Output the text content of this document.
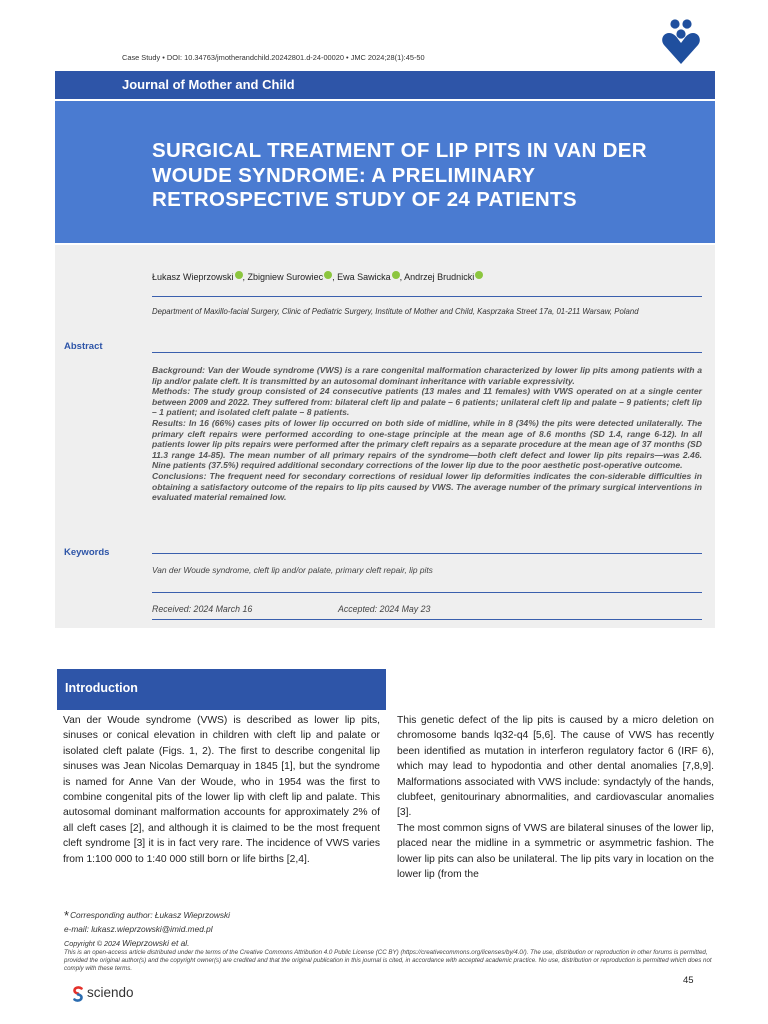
Case Study • DOI: 10.34763/jmotherandchild.20242801.d-24-00020 • JMC 2024;28(1):45-50
Journal of Mother and Child
SURGICAL TREATMENT OF LIP PITS IN VAN DER WOUDE SYNDROME: A PRELIMINARY RETROSPECTIVE STUDY OF 24 PATIENTS
Łukasz Wieprzowski , Zbigniew Surowiec , Ewa Sawicka , Andrzej Brudnicki
Department of Maxillo-facial Surgery, Clinic of Pediatric Surgery, Institute of Mother and Child, Kasprzaka Street 17a, 01-211 Warsaw, Poland
Abstract

Background: Van der Woude syndrome (VWS) is a rare congenital malformation characterized by lower lip pits among patients with a lip and/or palate cleft. It is transmitted by an autosomal dominant inheritance with variable expressivity.

Methods: The study group consisted of 24 consecutive patients (13 males and 11 females) with VWS operated on at a single center between 2009 and 2022. They suffered from: bilateral cleft lip and palate – 6 patients; unilateral cleft lip and palate – 9 patients; cleft lip – 1 patient; and isolated cleft palate – 8 patients.

Results: In 16 (66%) cases pits of lower lip occurred on both side of midline, while in 8 (34%) the pits were detected unilaterally. The primary cleft repairs were performed according to one-stage principle at the mean age of 8.6 months (SD 1.4, range 6-12). In all patients lower lip pits repairs were performed after the primary cleft repairs as a separate procedure at the mean age of 37 months (SD 11.3 range 14-85). The mean number of all primary repairs of the syndrome—both cleft defect and lower lip pits repairs—was 2.46. Nine patients (37.5%) required additional secondary corrections of the lower lip due to the poor aesthetic post-operative outcome.

Conclusions: The frequent need for secondary corrections of residual lower lip deformities indicates the con-siderable difficulties in obtaining a satisfactory outcome of the repairs to lip pits caused by VWS. The average number of the primary surgical interventions in evaluated material remained low.

Keywords
Van der Woude syndrome, cleft lip and/or palate, primary cleft repair, lip pits
Received: 2024 March 16	Accepted: 2024 May 23
Introduction

Van der Woude syndrome (VWS) is described as lower lip pits, sinuses or conical elevation in children with cleft lip and palate or isolated cleft palate (Figs. 1, 2). The first to describe congenital lip sinuses was Jean Nicolas Demarquay in 1845 [1], but the syndrome is named for Anne Van der Woude, who in 1954 was the first to combine congenital pits of the lower lip with cleft lip and palate. This autosomal dominant malformation accounts for approximately 2% of all cleft cases [2], and although it is claimed to be the most frequent cleft syndrome [3] it is in fact very rare. The incidence of VWS varies from 1:100 000 to 1:40 000 still born or life births [2,4].

This genetic defect of the lip pits is caused by a micro deletion on chromosome bands lq32-q4 [5,6]. The cause of VWS has recently been identified as mutation in interferon regulatory factor 6 (IRF 6), which may lead to hypodontia and other dental anomalies [7,8,9]. Malformations associated with VWS include: syndactyly of the hands, clubfeet, genitourinary abnormalities, and cardiovascular anomalies [3].

The most common signs of VWS are bilateral sinuses of the lower lip, placed near the midline in a symmetric or asymmetric fashion. The lower lip pits can also be unilateral. The lip pits vary in location on the lower lip (from the

*Corresponding author: Łukasz Wieprzowski
e-mail: lukasz.wieprzowski@imid.med.pl
Copyright © 2024 Wieprzowski et al.
This is an open-access article distributed under the terms of the Creative Commons Attribution 4.0 Public License (CC BY) (https://creativecommons.org/licenses/by/4.0/). The use, distribution or reproduction in other forums is permitted, provided the original author(s) and the copyright owner(s) are credited and that the original publication in this journal is cited, in accordance with accepted academic practice. No use, distribution or reproduction is permitted which does not comply with these terms.
45
sciendo
